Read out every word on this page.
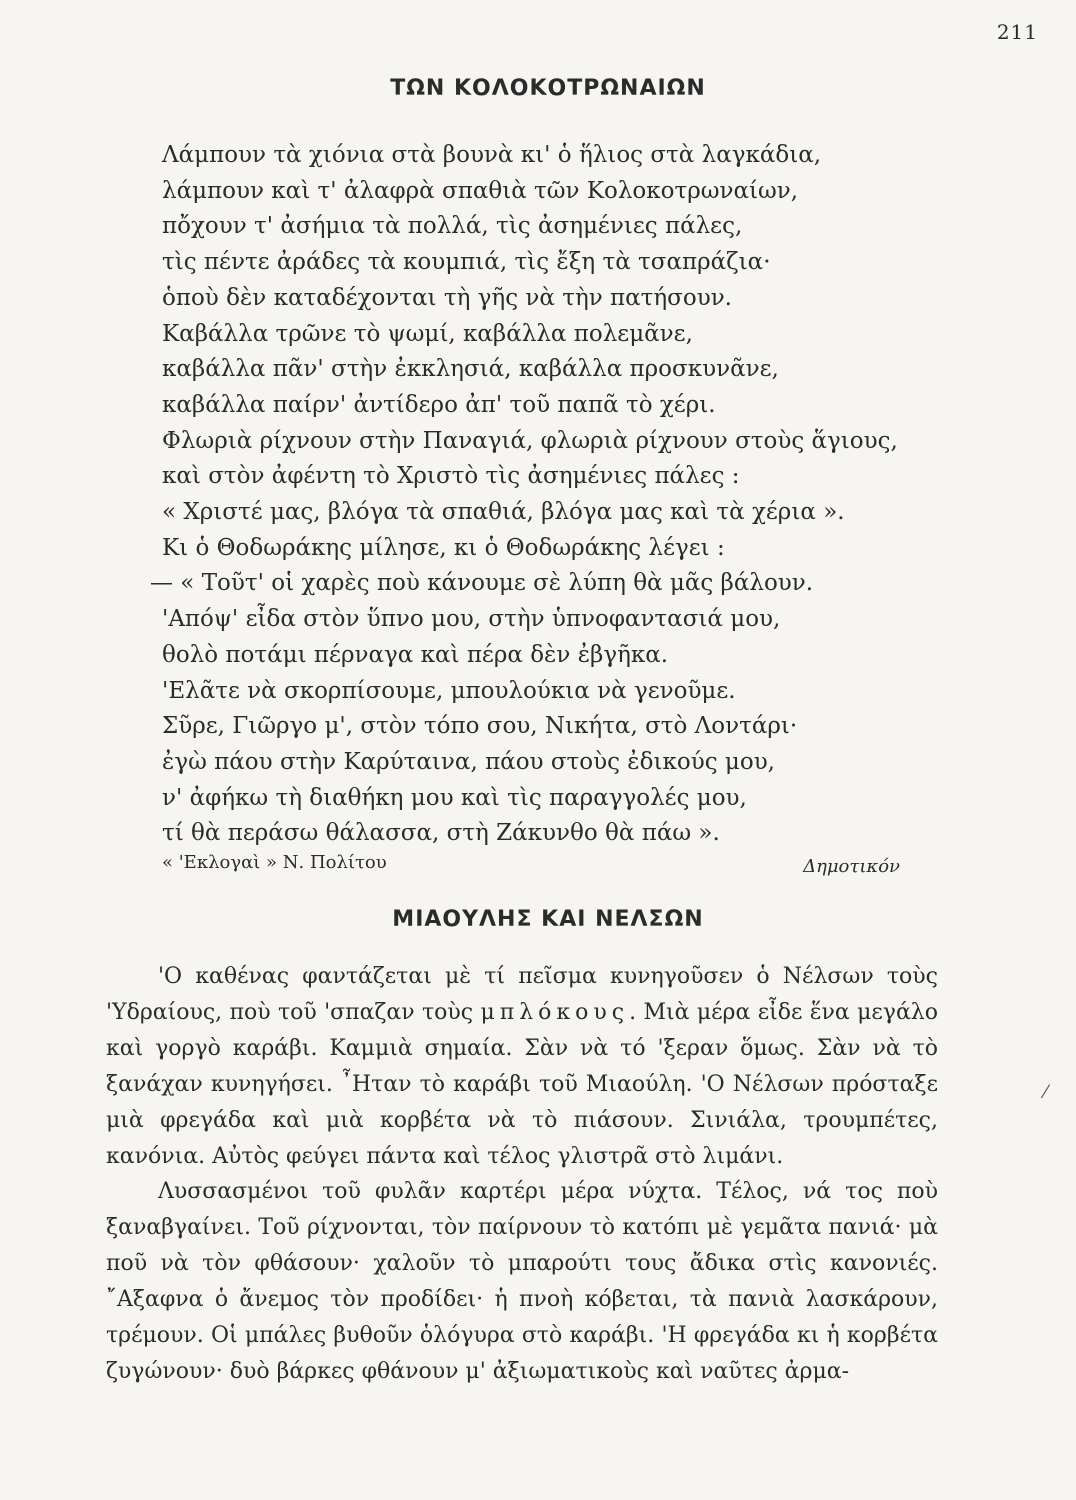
211
ΤΩΝ ΚΟΛΟΚΟΤΡΩΝΑΙΩΝ
Λάμπουν τὰ χιόνια στὰ βουνὰ κι' ὁ ἥλιος στὰ λαγκάδια,
λάμπουν καὶ τ' ἀλαφρὰ σπαθιὰ τῶν Κολοκοτρωναίων,
πὄχουν τ' ἀσήμια τὰ πολλά, τὶς ἀσημένιες πάλες,
τὶς πέντε ἀράδες τὰ κουμπιά, τὶς ἔξη τὰ τσαπράζια·
ὁποὺ δὲν καταδέχονται τὴ γῆς νὰ τὴν πατήσουν.
Καβάλλα τρῶνε τὸ ψωμί, καβάλλα πολεμᾶνε,
καβάλλα πᾶν' στὴν ἐκκλησιά, καβάλλα προσκυνᾶνε,
καβάλλα παίρν' ἀντίδερο ἀπ' τοῦ παπᾶ τὸ χέρι.
Φλωριὰ ρίχνουν στὴν Παναγιά, φλωριὰ ρίχνουν στοὺς ἅγιους,
καὶ στὸν ἀφέντη τὸ Χριστὸ τὶς ἀσημένιες πάλες :
« Χριστέ μας, βλόγα τὰ σπαθιά, βλόγα μας καὶ τὰ χέρια ».
Κι ὁ Θοδωράκης μίλησε, κι ὁ Θοδωράκης λέγει :
— « Τοῦτ' οἱ χαρὲς ποὺ κάνουμε σὲ λύπη θὰ μᾶς βάλουν.
'Απόψ' εἶδα στὸν ὕπνο μου, στὴν ὑπνοφαντασιά μου,
θολὸ ποτάμι πέρναγα καὶ πέρα δὲν ἐβγῆκα.
'Ελᾶτε νὰ σκορπίσουμε, μπουλούκια νὰ γενοῦμε.
Σῦρε, Γιῶργο μ', στὸν τόπο σου, Νικήτα, στὸ Λοντάρι·
ἐγὼ πάου στὴν Καρύταινα, πάου στοὺς ἐδικούς μου,
ν' ἀφήκω τὴ διαθήκη μου καὶ τὶς παραγγολές μου,
τί θὰ περάσω θάλασσα, στὴ Ζάκυνθο θὰ πάω ».
« 'Εκλογαὶ » Ν. Πολίτου	Δημοτικόν
ΜΙΑΟΥΛΗΣ ΚΑΙ ΝΕΛΣΩΝ

'Ο καθένας φαντάζεται μὲ τί πεῖσμα κυνηγοῦσεν ὁ Νέλσων τοὺς 'Υδραίους, ποὺ τοῦ 'σπαζαν τοὺς μπλόκους. Μιὰ μέρα εἶδε ἕνα μεγάλο καὶ γοργὸ καράβι. Καμμιὰ σημαία. Σὰν νὰ τό 'ξεραν ὅμως. Σὰν νὰ τὸ ξανάχαν κυνηγήσει. ῏Ηταν τὸ καράβι τοῦ Μιαούλη. 'Ο Νέλσων πρόσταξε μιὰ φρεγάδα καὶ μιὰ κορβέτα νὰ τὸ πιάσουν. Σινιάλα, τρουμπέτες, κανόνια. Αὐτὸς φεύγει πάντα καὶ τέλος γλιστρᾶ στὸ λιμάνι.

Λυσσασμένοι τοῦ φυλᾶν καρτέρι μέρα νύχτα. Τέλος, νά τος ποὺ ξαναβγαίνει. Τοῦ ρίχνονται, τὸν παίρνουν τὸ κατόπι μὲ γεμᾶτα πανιά· μὰ ποῦ νὰ τὸν φθάσουν· χαλοῦν τὸ μπαρούτι τους ἄδικα στὶς κανονιές. ῎Αξαφνα ὁ ἄνεμος τὸν προδίδει· ἡ πνοὴ κόβεται, τὰ πανιὰ λασκάρουν, τρέμουν. Οἱ μπάλες βυθοῦν ὁλόγυρα στὸ καράβι. 'Η φρεγάδα κι ἡ κορβέτα ζυγώνουν· δυὸ βάρκες φθάνουν μ' ἀξιωματικοὺς καὶ ναῦτες ἀρμα-

⁄
